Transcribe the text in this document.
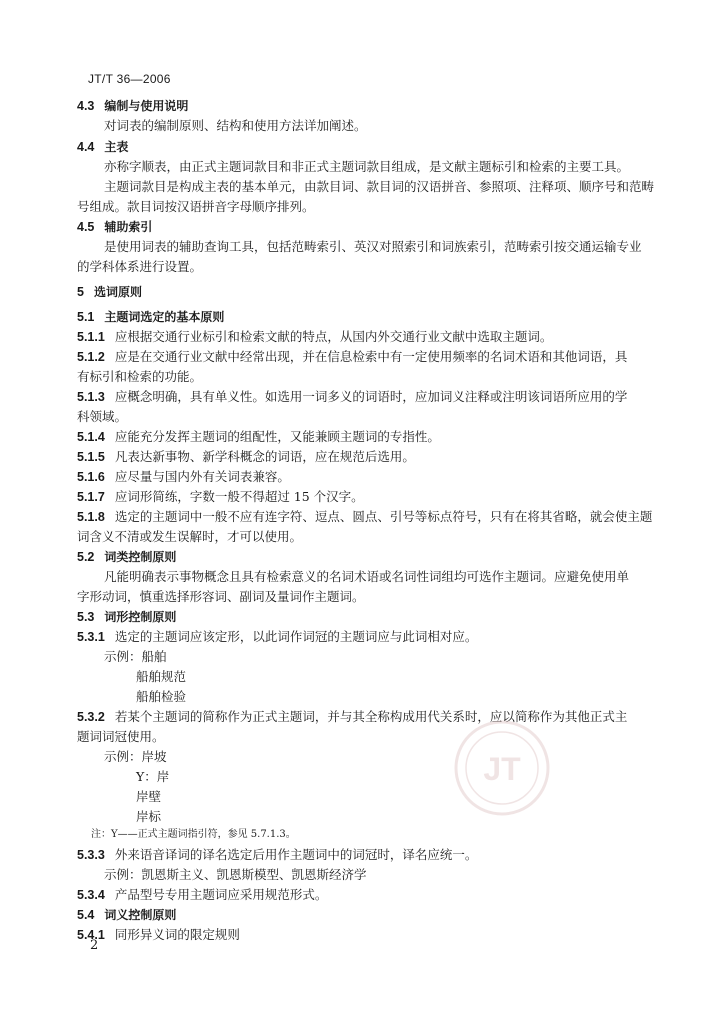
JT/T 36—2006
4.3 编制与使用说明
对词表的编制原则、结构和使用方法详加阐述。
4.4 主表
亦称字顺表，由正式主题词款目和非正式主题词款目组成，是文献主题标引和检索的主要工具。
主题词款目是构成主表的基本单元，由款目词、款目词的汉语拼音、参照项、注释项、顺序号和范畴
号组成。款目词按汉语拼音字母顺序排列。
4.5 辅助索引
是使用词表的辅助查询工具，包括范畴索引、英汉对照索引和词族索引，范畴索引按交通运输专业
的学科体系进行设置。
5 选词原则
5.1 主题词选定的基本原则
5.1.1 应根据交通行业标引和检索文献的特点，从国内外交通行业文献中选取主题词。
5.1.2 应是在交通行业文献中经常出现，并在信息检索中有一定使用频率的名词术语和其他词语，具
有标引和检索的功能。
5.1.3 应概念明确，具有单义性。如选用一词多义的词语时，应加词义注释或注明该词语所应用的学
科领域。
5.1.4 应能充分发挥主题词的组配性，又能兼顾主题词的专指性。
5.1.5 凡表达新事物、新学科概念的词语，应在规范后选用。
5.1.6 应尽量与国内外有关词表兼容。
5.1.7 应词形简练，字数一般不得超过 15 个汉字。
5.1.8 选定的主题词中一般不应有连字符、逗点、圆点、引号等标点符号，只有在将其省略，就会使主题
词含义不清或发生误解时，才可以使用。
5.2 词类控制原则
凡能明确表示事物概念且具有检索意义的名词术语或名词性词组均可选作主题词。应避免使用单
字形动词，慎重选择形容词、副词及量词作主题词。
5.3 词形控制原则
5.3.1 选定的主题词应该定形，以此词作词冠的主题词应与此词相对应。
示例：船舶
船舶规范
船舶检验
5.3.2 若某个主题词的简称作为正式主题词，并与其全称构成用代关系时，应以简称作为其他正式主
题词词冠使用。
示例：岸坡
Y：岸
岸壁
岸标
注：Y——正式主题词指引符，参见 5.7.1.3。
5.3.3 外来语音译词的译名选定后用作主题词中的词冠时，译名应统一。
示例：凯恩斯主义、凯恩斯模型、凯恩斯经济学
5.3.4 产品型号专用主题词应采用规范形式。
5.4 词义控制原则
5.4.1 同形异义词的限定规则
JT
2
